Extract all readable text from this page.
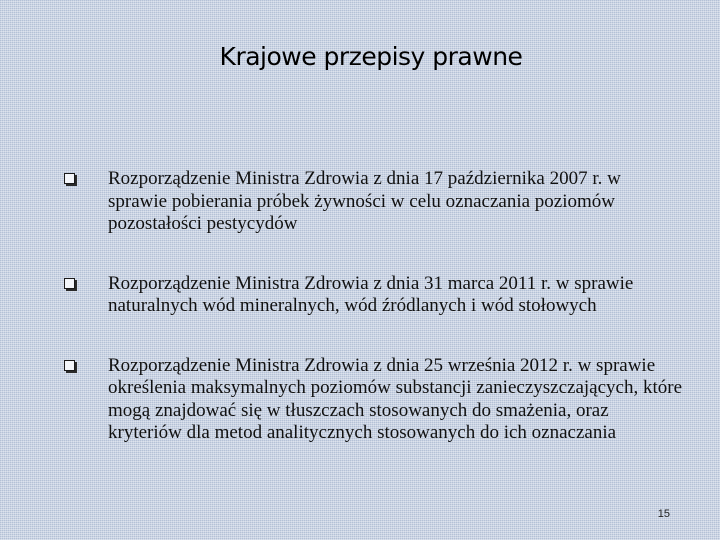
Krajowe przepisy prawne
Rozporządzenie Ministra Zdrowia z dnia 17 października 2007 r. w sprawie pobierania próbek żywności w celu oznaczania poziomów pozostałości pestycydów
Rozporządzenie Ministra Zdrowia z dnia 31 marca 2011 r. w sprawie naturalnych wód mineralnych, wód źródlanych i wód stołowych
Rozporządzenie Ministra Zdrowia z dnia 25 września 2012 r. w sprawie określenia maksymalnych poziomów substancji zanieczyszczających, które mogą znajdować się w tłuszczach stosowanych do smażenia, oraz kryteriów dla metod analitycznych stosowanych do ich oznaczania
15
